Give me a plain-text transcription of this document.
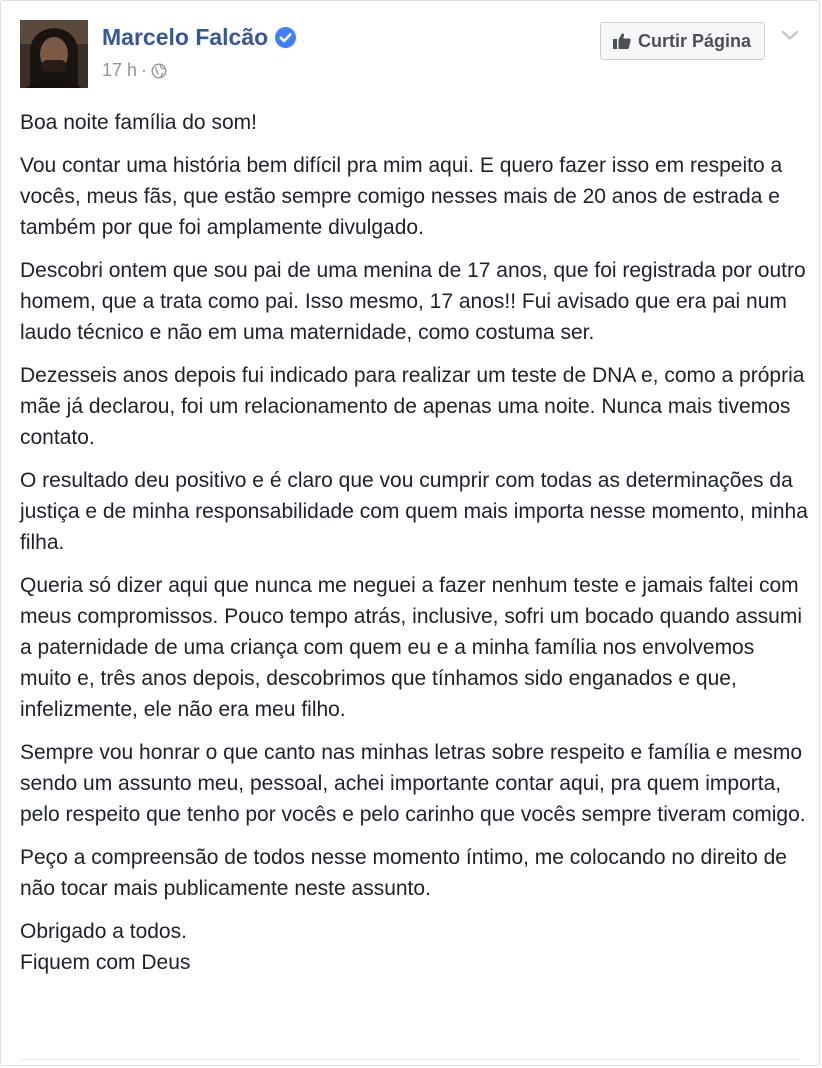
Marcelo Falcão
17 h ·
Curtir Página

Boa noite família do som!

Vou contar uma história bem difícil pra mim aqui. E quero fazer isso em respeito a vocês, meus fãs, que estão sempre comigo nesses mais de 20 anos de estrada e também por que foi amplamente divulgado.

Descobri ontem que sou pai de uma menina de 17 anos, que foi registrada por outro homem, que a trata como pai. Isso mesmo, 17 anos!! Fui avisado que era pai num laudo técnico e não em uma maternidade, como costuma ser.

Dezesseis anos depois fui indicado para realizar um teste de DNA e, como a própria mãe já declarou, foi um relacionamento de apenas uma noite. Nunca mais tivemos contato.

O resultado deu positivo e é claro que vou cumprir com todas as determinações da justiça e de minha responsabilidade com quem mais importa nesse momento, minha filha.

Queria só dizer aqui que nunca me neguei a fazer nenhum teste e jamais faltei com meus compromissos. Pouco tempo atrás, inclusive, sofri um bocado quando assumi a paternidade de uma criança com quem eu e a minha família nos envolvemos muito e, três anos depois, descobrimos que tínhamos sido enganados e que, infelizmente, ele não era meu filho.

Sempre vou honrar o que canto nas minhas letras sobre respeito e família e mesmo sendo um assunto meu, pessoal, achei importante contar aqui, pra quem importa, pelo respeito que tenho por vocês e pelo carinho que vocês sempre tiveram comigo.

Peço a compreensão de todos nesse momento íntimo, me colocando no direito de não tocar mais publicamente neste assunto.

Obrigado a todos.

Fiquem com Deus
